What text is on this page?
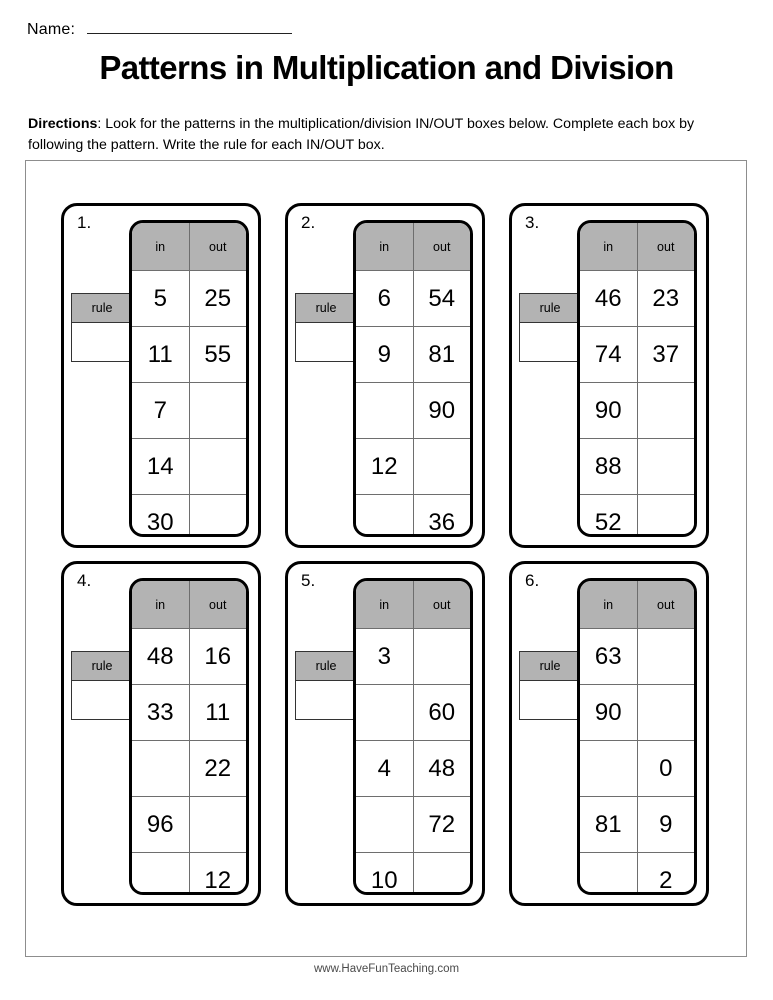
Name:
Patterns in Multiplication and Division
Directions: Look for the patterns in the multiplication/division IN/OUT boxes below. Complete each box by following the pattern. Write the rule for each IN/OUT box.
1.
rule
in	out
5	25
11	55
7	
14	
30	
2.
rule
in	out
6	54
9	81
	90
12	
	36
3.
rule
in	out
46	23
74	37
90	
88	
52	
4.
rule
in	out
48	16
33	11
	22
96	
	12
5.
rule
in	out
3	
	60
4	48
	72
10	
6.
rule
in	out
63	
90	
	0
81	9
	2
www.HaveFunTeaching.com
